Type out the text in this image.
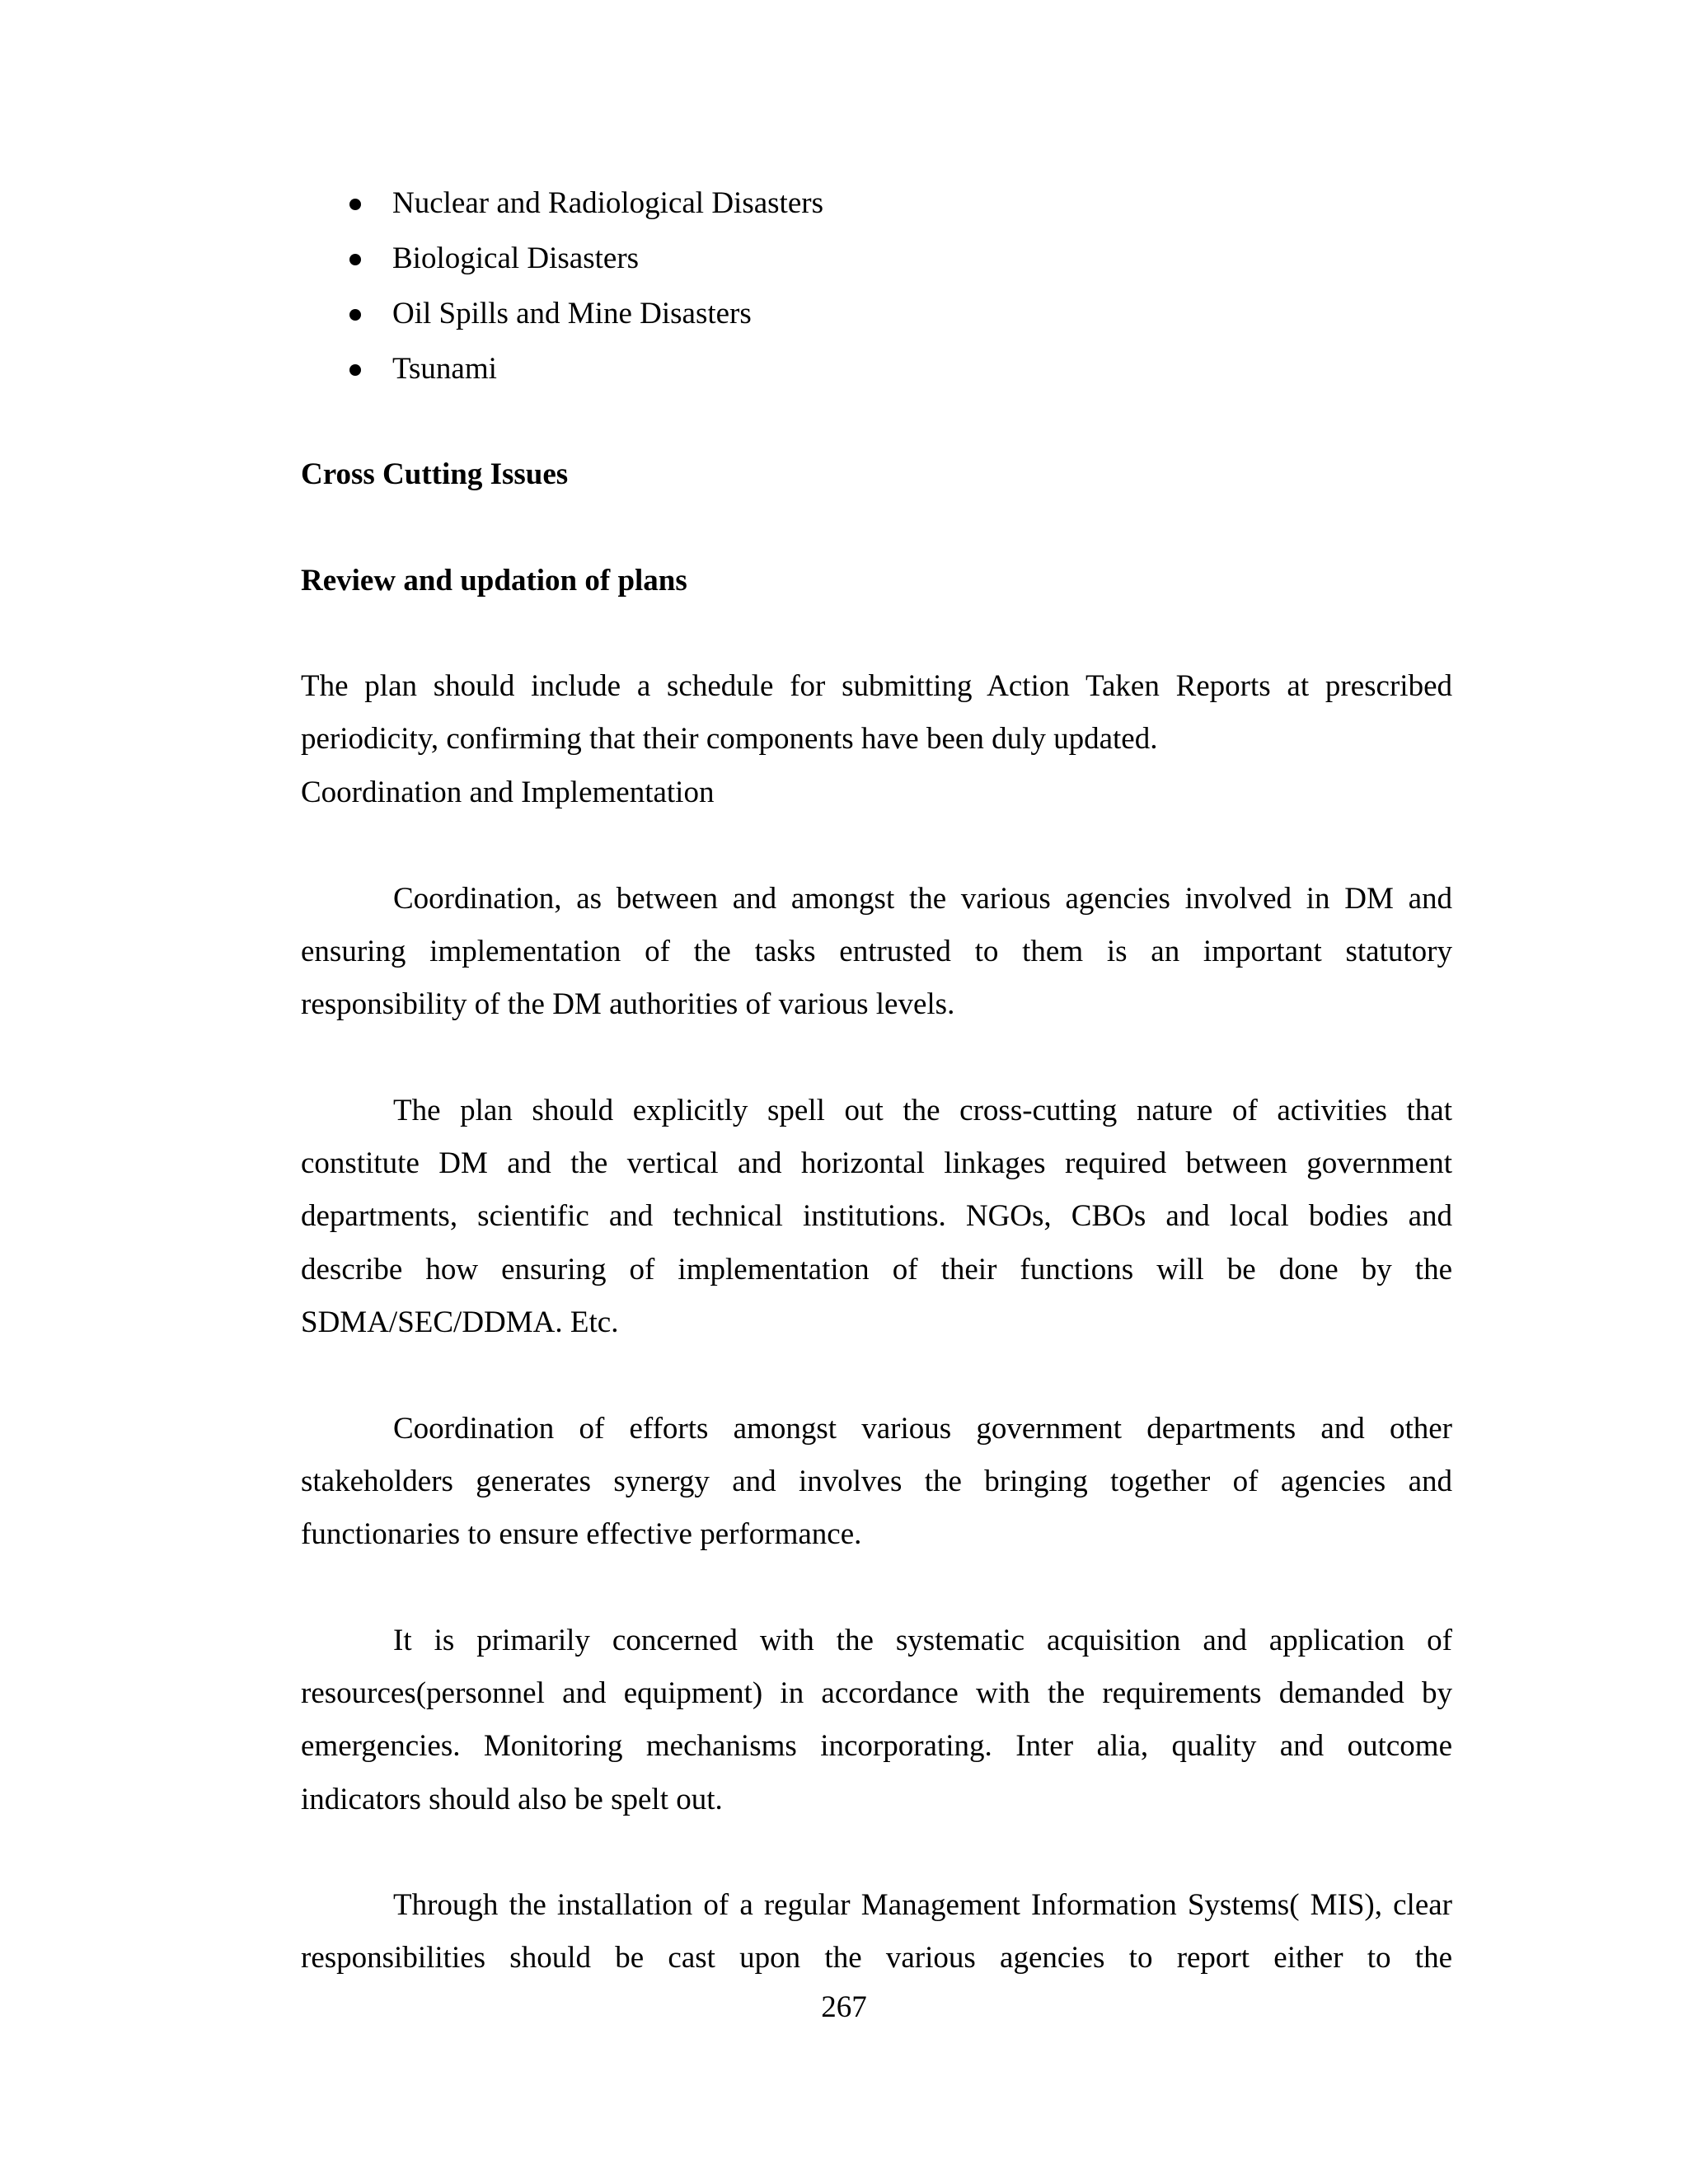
Nuclear and Radiological Disasters
Biological Disasters
Oil Spills and Mine Disasters
Tsunami
Cross Cutting Issues
Review and updation of plans
The plan should include a schedule for submitting Action Taken Reports at prescribed
periodicity, confirming that their components have been duly updated.
Coordination and Implementation
Coordination, as between and amongst the various agencies involved in DM and
ensuring implementation of the tasks entrusted to them is an important statutory
responsibility of the DM authorities of various levels.
The plan should explicitly spell out the cross-cutting nature of activities that
constitute DM and the vertical and horizontal linkages required between government
departments, scientific and technical institutions. NGOs, CBOs and local bodies and
describe how ensuring of implementation of their functions will be done by the
SDMA/SEC/DDMA. Etc.
Coordination of efforts amongst various government departments and other
stakeholders generates synergy and involves the bringing together of agencies and
functionaries to ensure effective performance.
It is primarily concerned with the systematic acquisition and application of
resources(personnel and equipment) in accordance with the requirements demanded by
emergencies. Monitoring mechanisms incorporating. Inter alia, quality and outcome
indicators should also be spelt out.
Through the installation of a regular Management Information Systems( MIS), clear
responsibilities should be cast upon the various agencies to report either to the
267
